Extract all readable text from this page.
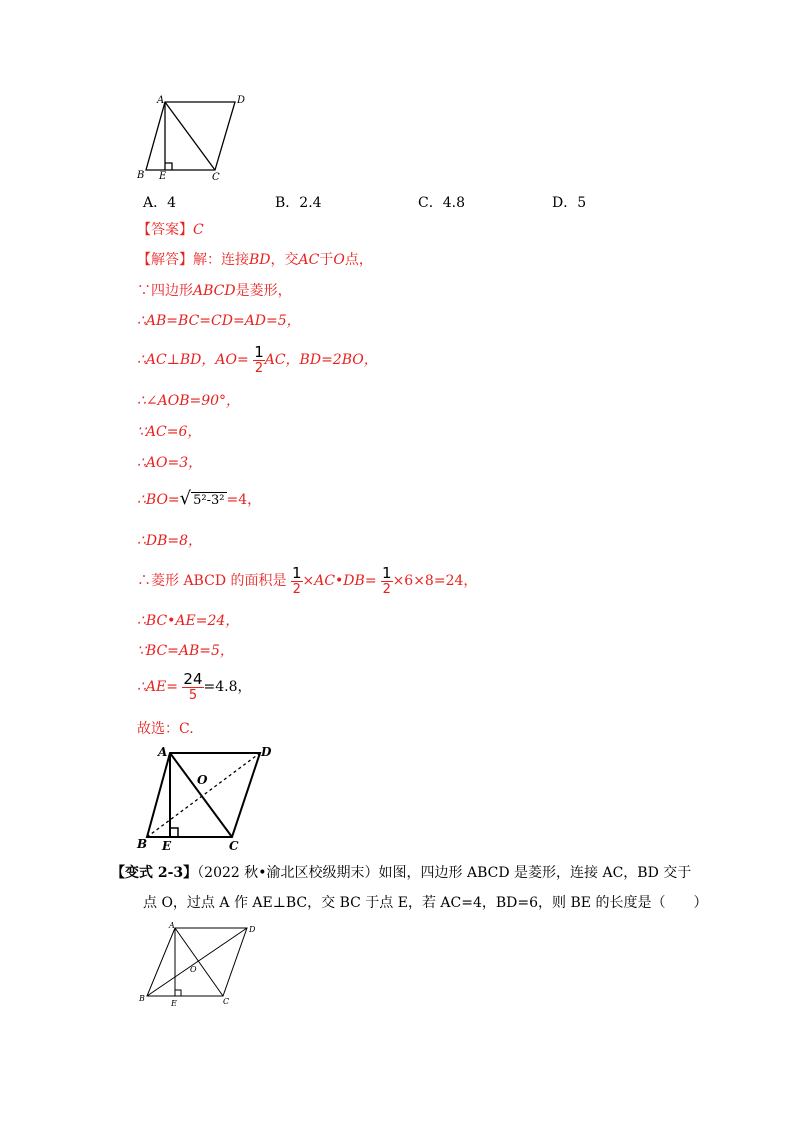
A	D
B E	C
A．4	B．2.4	C．4.8	D．5
【答案】C
【解答】解：连接BD，交AC于O点，
∵四边形ABCD是菱形，
∴AB=BC=CD=AD=5，
∴AC⊥BD，$AO= \frac{1}{2}$ AC，BD=2BO，
∴∠AOB=90°，
∵AC=6，
∴AO=3，
∴BO=√ 5²-3² =4，
∴DB=8，
∴菱形 ABCD 的面积是 $\frac{1}{2}$ ×AC•DB= $\frac{1}{2} \times 6\times 8=24$，
∴BC•AE=24，
∵BC=AB=5，
∴AE= $\frac{24}{5} =4.8$，
故选：C.
A	D
O
B E	C
【变式 2-3】（2022 秋•渝北区校级期末）如图，四边形 ABCD 是菱形，连接 AC，BD 交于
点 O，过点 A 作 AE⊥BC，交 BC 于点 E，若 AC=4，BD=6，则 BE 的长度是（　　）
A	D
O
B
E	C
